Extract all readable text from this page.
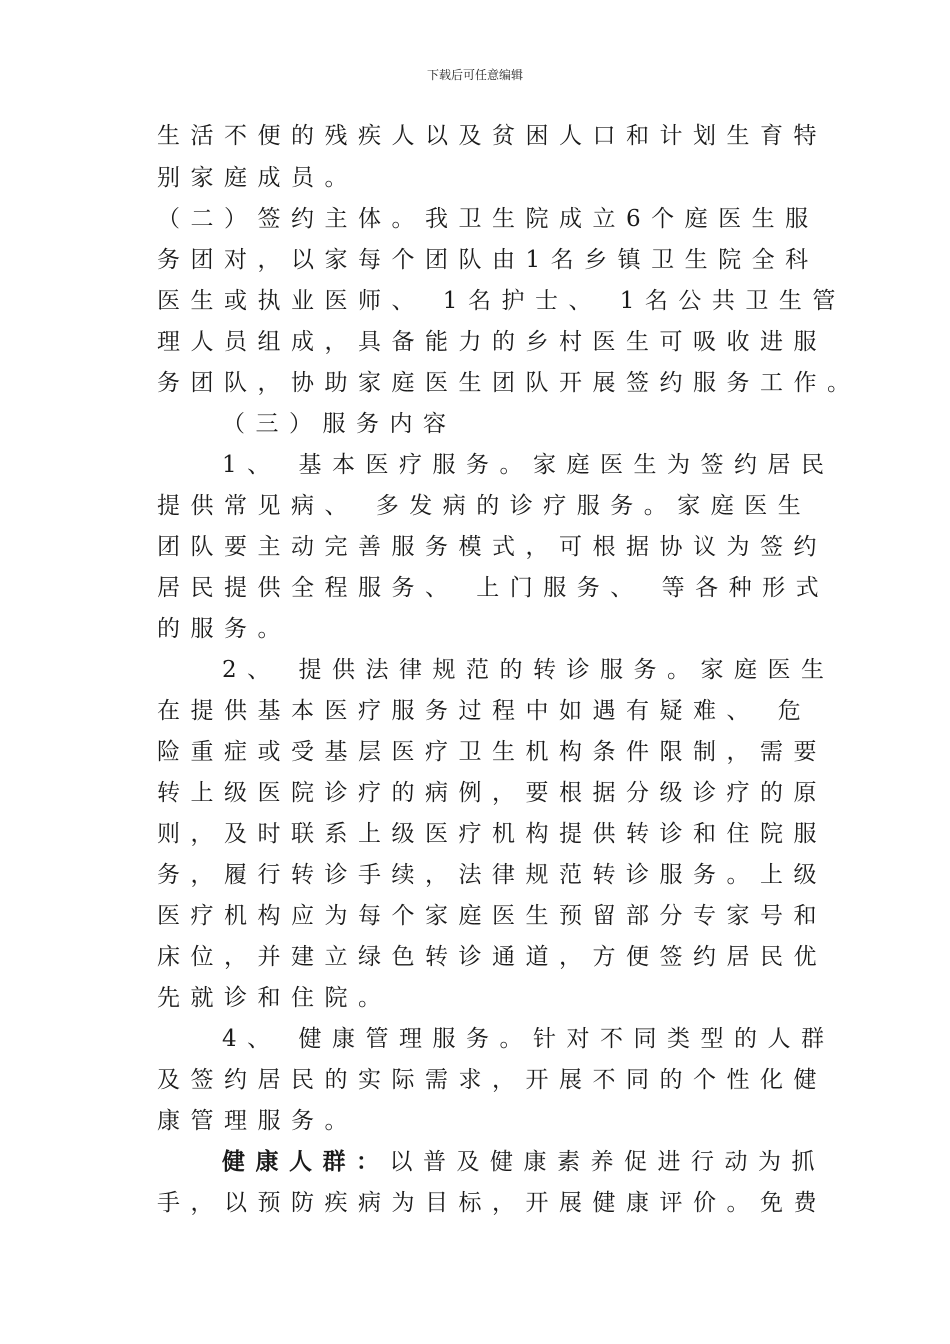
下载后可任意编辑
生活不便的残疾人以及贫困人口和计划生育特
别家庭成员。
（二）签约主体。我卫生院成立6个庭医生服
务团对，以家每个团队由1名乡镇卫生院全科
医生或执业医师、 1名护士、 1名公共卫生管
理人员组成，具备能力的乡村医生可吸收进服
务团队，协助家庭医生团队开展签约服务工作。
（三）服务内容
1、 基本医疗服务。家庭医生为签约居民
提供常见病、 多发病的诊疗服务。家庭医生
团队要主动完善服务模式，可根据协议为签约
居民提供全程服务、 上门服务、 等各种形式
的服务。
2、 提供法律规范的转诊服务。家庭医生
在提供基本医疗服务过程中如遇有疑难、 危
险重症或受基层医疗卫生机构条件限制，需要
转上级医院诊疗的病例，要根据分级诊疗的原
则，及时联系上级医疗机构提供转诊和住院服
务，履行转诊手续，法律规范转诊服务。上级
医疗机构应为每个家庭医生预留部分专家号和
床位，并建立绿色转诊通道，方便签约居民优
先就诊和住院。
4、 健康管理服务。针对不同类型的人群
及签约居民的实际需求，开展不同的个性化健
康管理服务。
健康人群：以普及健康素养促进行动为抓
手，以预防疾病为目标，开展健康评价。免费
